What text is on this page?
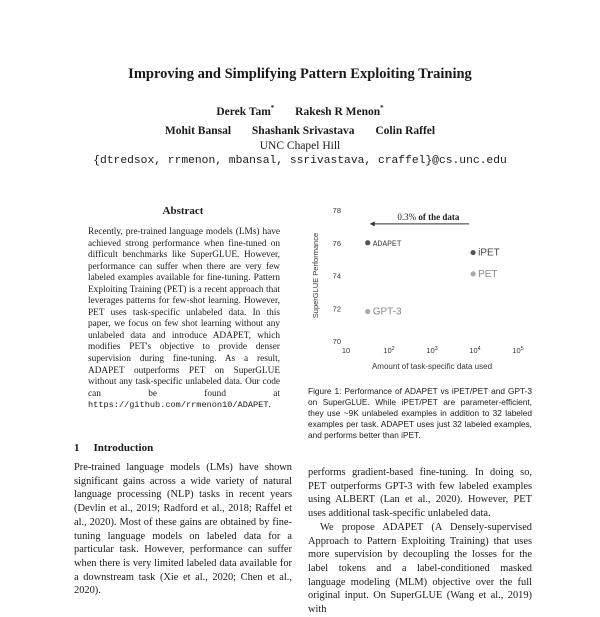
Improving and Simplifying Pattern Exploiting Training
Derek Tam* Rakesh R Menon*
Mohit Bansal Shashank Srivastava Colin Raffel
UNC Chapel Hill
{dtredsox, rrmenon, mbansal, ssrivastava, craffel}@cs.unc.edu
Abstract
Recently, pre-trained language models (LMs) have achieved strong performance when fine-tuned on difficult benchmarks like SuperGLUE. However, performance can suffer when there are very few labeled examples available for fine-tuning. Pattern Exploiting Training (PET) is a recent approach that leverages patterns for few-shot learning. However, PET uses task-specific unlabeled data. In this paper, we focus on few shot learning without any unlabeled data and introduce ADAPET, which modifies PET's objective to provide denser supervision during fine-tuning. As a result, ADAPET outperforms PET on SuperGLUE without any task-specific unlabeled data. Our code can be found at https://github.com/rrmenon10/ADAPET.
1 Introduction
Pre-trained language models (LMs) have shown significant gains across a wide variety of natural language processing (NLP) tasks in recent years (Devlin et al., 2019; Radford et al., 2018; Raffel et al., 2020). Most of these gains are obtained by fine-tuning language models on labeled data for a particular task. However, performance can suffer when there is very limited labeled data available for a downstream task (Xie et al., 2020; Chen et al., 2020).
70
72
74
76
78
10	$10^2$	$10^3$	$10^4$	$10^5$
Amount of task-specific data used
SuperGLUE Performance
0.3% of the data
ADAPET
iPET
PET
GPT-3
Figure 1: Performance of ADAPET vs iPET/PET and GPT-3 on SuperGLUE. While iPET/PET are parameter-efficient, they use ~9K unlabeled examples in addition to 32 labeled examples per task. ADAPET uses just 32 labeled examples, and performs better than iPET.

performs gradient-based fine-tuning. In doing so, PET outperforms GPT-3 with few labeled examples using ALBERT (Lan et al., 2020). However, PET uses additional task-specific unlabeled data.

We propose ADAPET (A Densely-supervised Approach to Pattern Exploiting Training) that uses more supervision by decoupling the losses for the label tokens and a label-conditioned masked language modeling (MLM) objective over the full original input. On SuperGLUE (Wang et al., 2019) with
